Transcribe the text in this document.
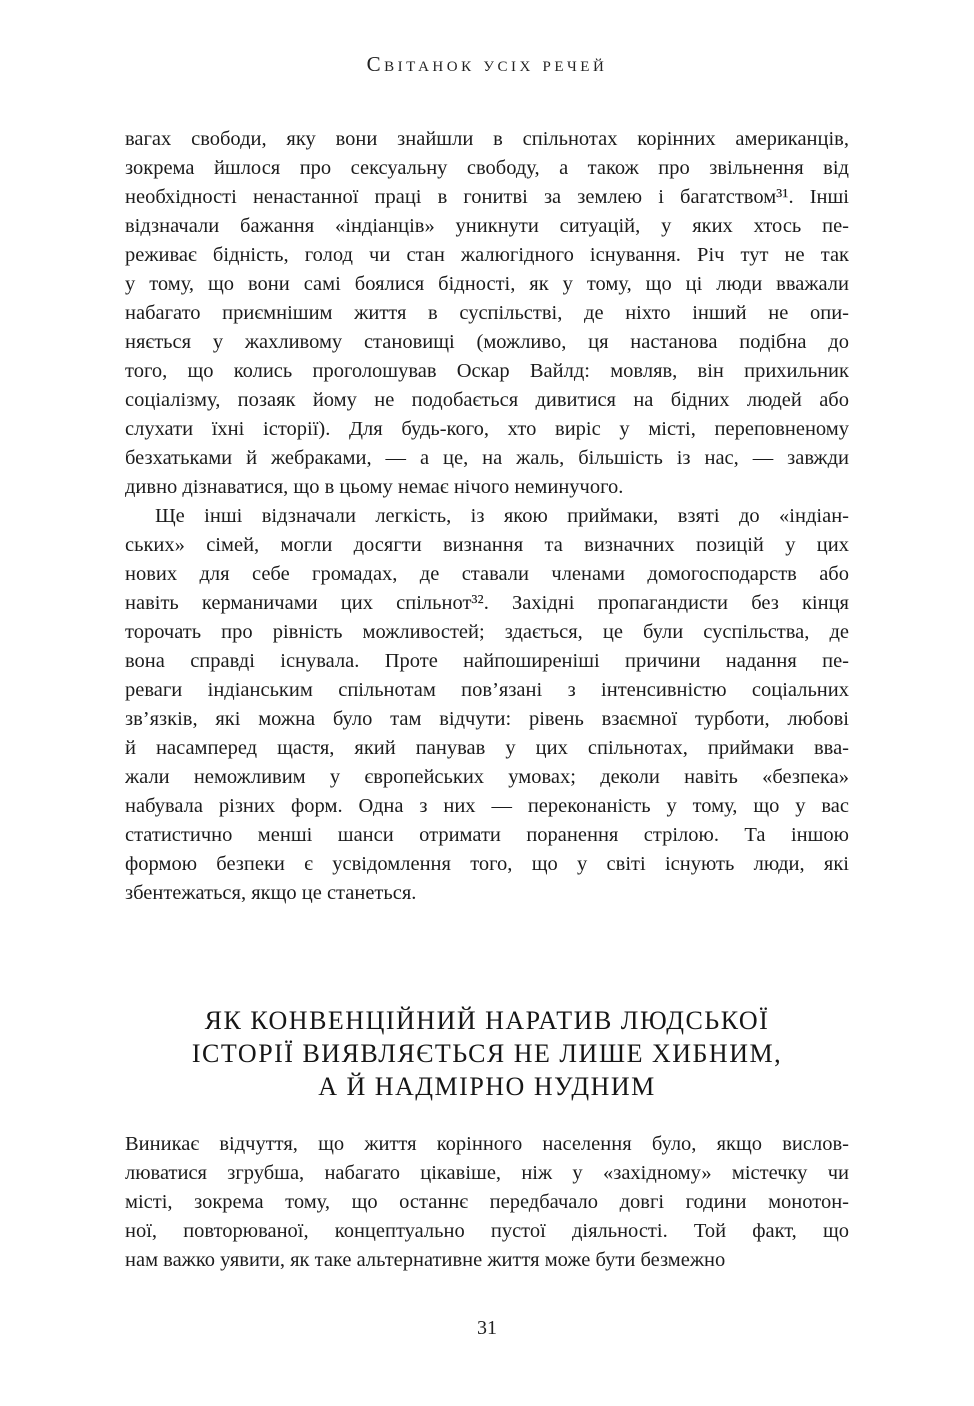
Світанок усіх речей
вагах свободи, яку вони знайшли в спільнотах корінних американців,
зокрема йшлося про сексуальну свободу, а також про звільнення від
необхідності ненастанної праці в гонитві за землею і багатством³¹. Інші
відзначали бажання «індіанців» уникнути ситуацій, у яких хтось пе-
реживає бідність, голод чи стан жалюгідного існування. Річ тут не так
у тому, що вони самі боялися бідності, як у тому, що ці люди вважали
набагато приємнішим життя в суспільстві, де ніхто інший не опи-
няється у жахливому становищі (можливо, ця настанова подібна до
того, що колись проголошував Оскар Вайлд: мовляв, він прихильник
соціалізму, позаяк йому не подобається дивитися на бідних людей або
слухати їхні історії). Для будь-кого, хто виріс у місті, переповненому
безхатьками й жебраками, — а це, на жаль, більшість із нас, — завжди
дивно дізнаватися, що в цьому немає нічого неминучого.
Ще інші відзначали легкість, із якою приймаки, взяті до «індіан-
ських» сімей, могли досягти визнання та визначних позицій у цих
нових для себе громадах, де ставали членами домогосподарств або
навіть керманичами цих спільнот³². Західні пропагандисти без кінця
торочать про рівність можливостей; здається, це були суспільства, де
вона справді існувала. Проте найпоширеніші причини надання пе-
реваги індіанським спільнотам пов’язані з інтенсивністю соціальних
зв’язків, які можна було там відчути: рівень взаємної турботи, любові
й насамперед щастя, який панував у цих спільнотах, приймаки вва-
жали неможливим у європейських умовах; деколи навіть «безпека»
набувала різних форм. Одна з них — переконаність у тому, що у вас
статистично менші шанси отримати поранення стрілою. Та іншою
формою безпеки є усвідомлення того, що у світі існують люди, які
збентежаться, якщо це станеться.
ЯК КОНВЕНЦІЙНИЙ НАРАТИВ ЛЮДСЬКОЇ
ІСТОРІЇ ВИЯВЛЯЄТЬСЯ НЕ ЛИШЕ ХИБНИМ,
А Й НАДМІРНО НУДНИМ
Виникає відчуття, що життя корінного населення було, якщо вислов-
люватися згрубша, набагато цікавіше, ніж у «західному» містечку чи
місті, зокрема тому, що останнє передбачало довгі години монотон-
ної, повторюваної, концептуально пустої діяльності. Той факт, що
нам важко уявити, як таке альтернативне життя може бути безмежно
31
